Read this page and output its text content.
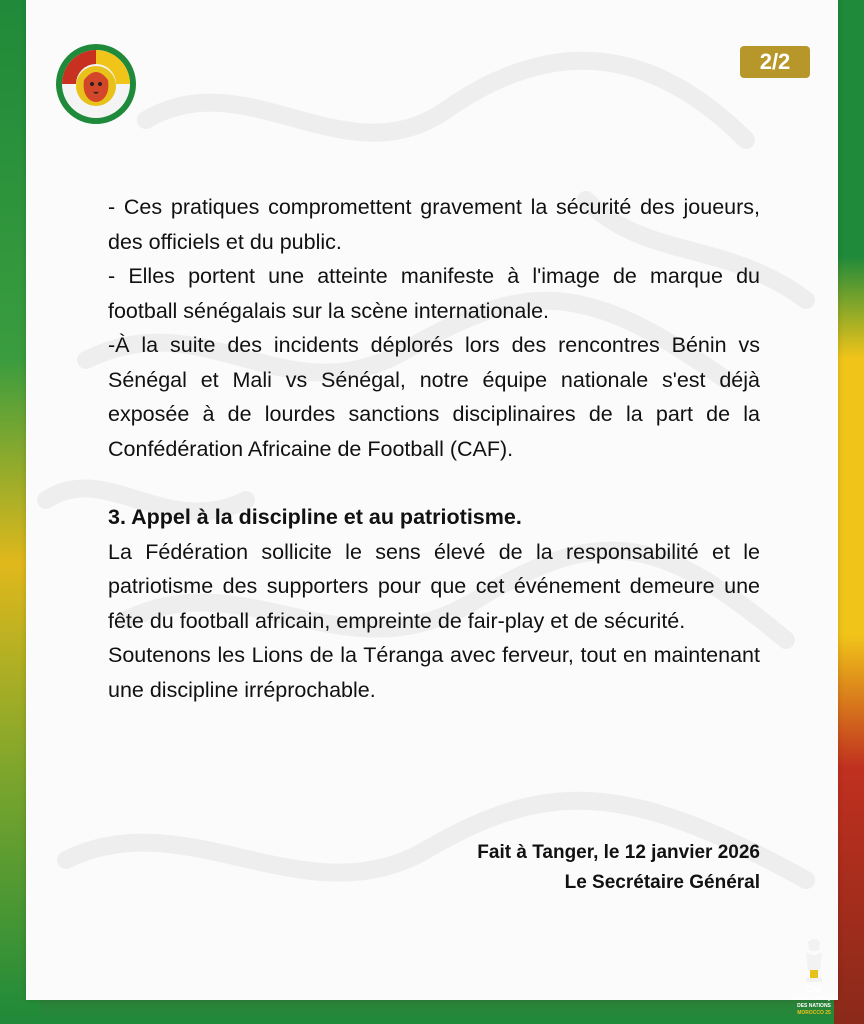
2/2

- Ces pratiques compromettent gravement la sécurité des joueurs, des officiels et du public.

- Elles portent une atteinte manifeste à l'image de marque du football sénégalais sur la scène internationale.

-À la suite des incidents déplorés lors des rencontres Bénin vs Sénégal et Mali vs Sénégal, notre équipe nationale s'est déjà exposée à de lourdes sanctions disciplinaires de la part de la Confédération Africaine de Football (CAF).

3. Appel à la discipline et au patriotisme.

La Fédération sollicite le sens élevé de la responsabilité et le patriotisme des supporters pour que cet événement demeure une fête du football africain, empreinte de fair-play et de sécurité.

Soutenons les Lions de la Téranga avec ferveur, tout en maintenant une discipline irréprochable.

Fait à Tanger, le 12 janvier 2026
Le Secrétaire Général
CAF
COUPE D'AFRIQUE
DES NATIONS
MOROCCO 25
